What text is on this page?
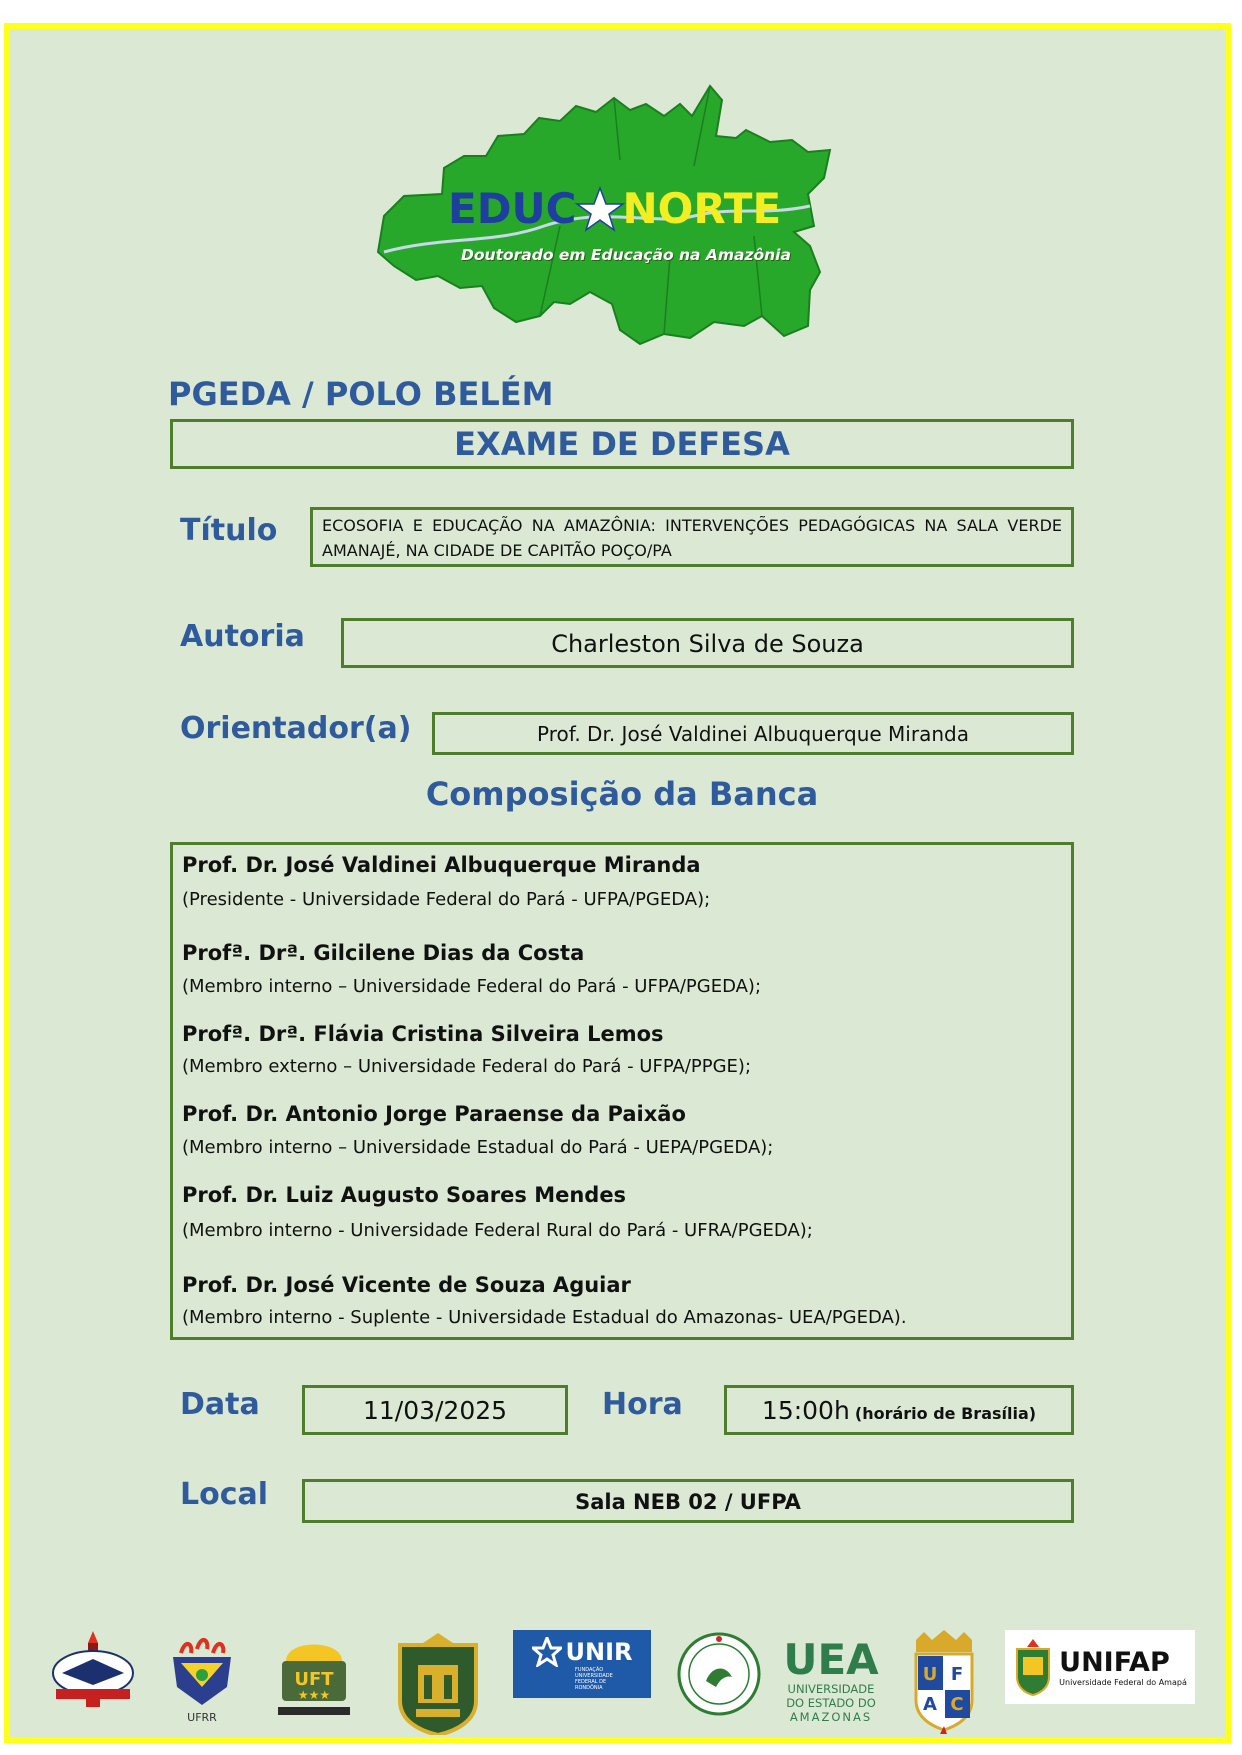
EDUC NORTE
Doutorado em Educação na Amazônia
PGEDA / POLO BELÉM
EXAME DE DEFESA
Título	ECOSOFIA E EDUCAÇÃO NA AMAZÔNIA: INTERVENÇÕES PEDAGÓGICAS NA SALA VERDE AMANAJÉ, NA CIDADE DE CAPITÃO POÇO/PA
Autoria	Charleston Silva de Souza
Orientador(a)	Prof. Dr. José Valdinei Albuquerque Miranda
Composição da Banca
Prof. Dr. José Valdinei Albuquerque Miranda
(Presidente - Universidade Federal do Pará - UFPA/PGEDA);
Profª. Drª. Gilcilene Dias da Costa
(Membro interno – Universidade Federal do Pará - UFPA/PGEDA);
Profª. Drª. Flávia Cristina Silveira Lemos
(Membro externo – Universidade Federal do Pará - UFPA/PPGE);
Prof. Dr. Antonio Jorge Paraense da Paixão
(Membro interno – Universidade Estadual do Pará - UEPA/PGEDA);
Prof. Dr. Luiz Augusto Soares Mendes
(Membro interno - Universidade Federal Rural do Pará - UFRA/PGEDA);
Prof. Dr. José Vicente de Souza Aguiar
(Membro interno - Suplente - Universidade Estadual do Amazonas- UEA/PGEDA).
Data	11/03/2025	Hora	15:00h (horário de Brasília)
Local	Sala NEB 02 / UFPA
UFRR
UFT
★★★
UNIR
FUNDAÇÃO UNIVERSIDADE FEDERAL DE RONDÔNIA
UEA
UNIVERSIDADE
DO ESTADO DO
AMAZONAS
U F
A C
UNIFAP
Universidade Federal do Amapá
